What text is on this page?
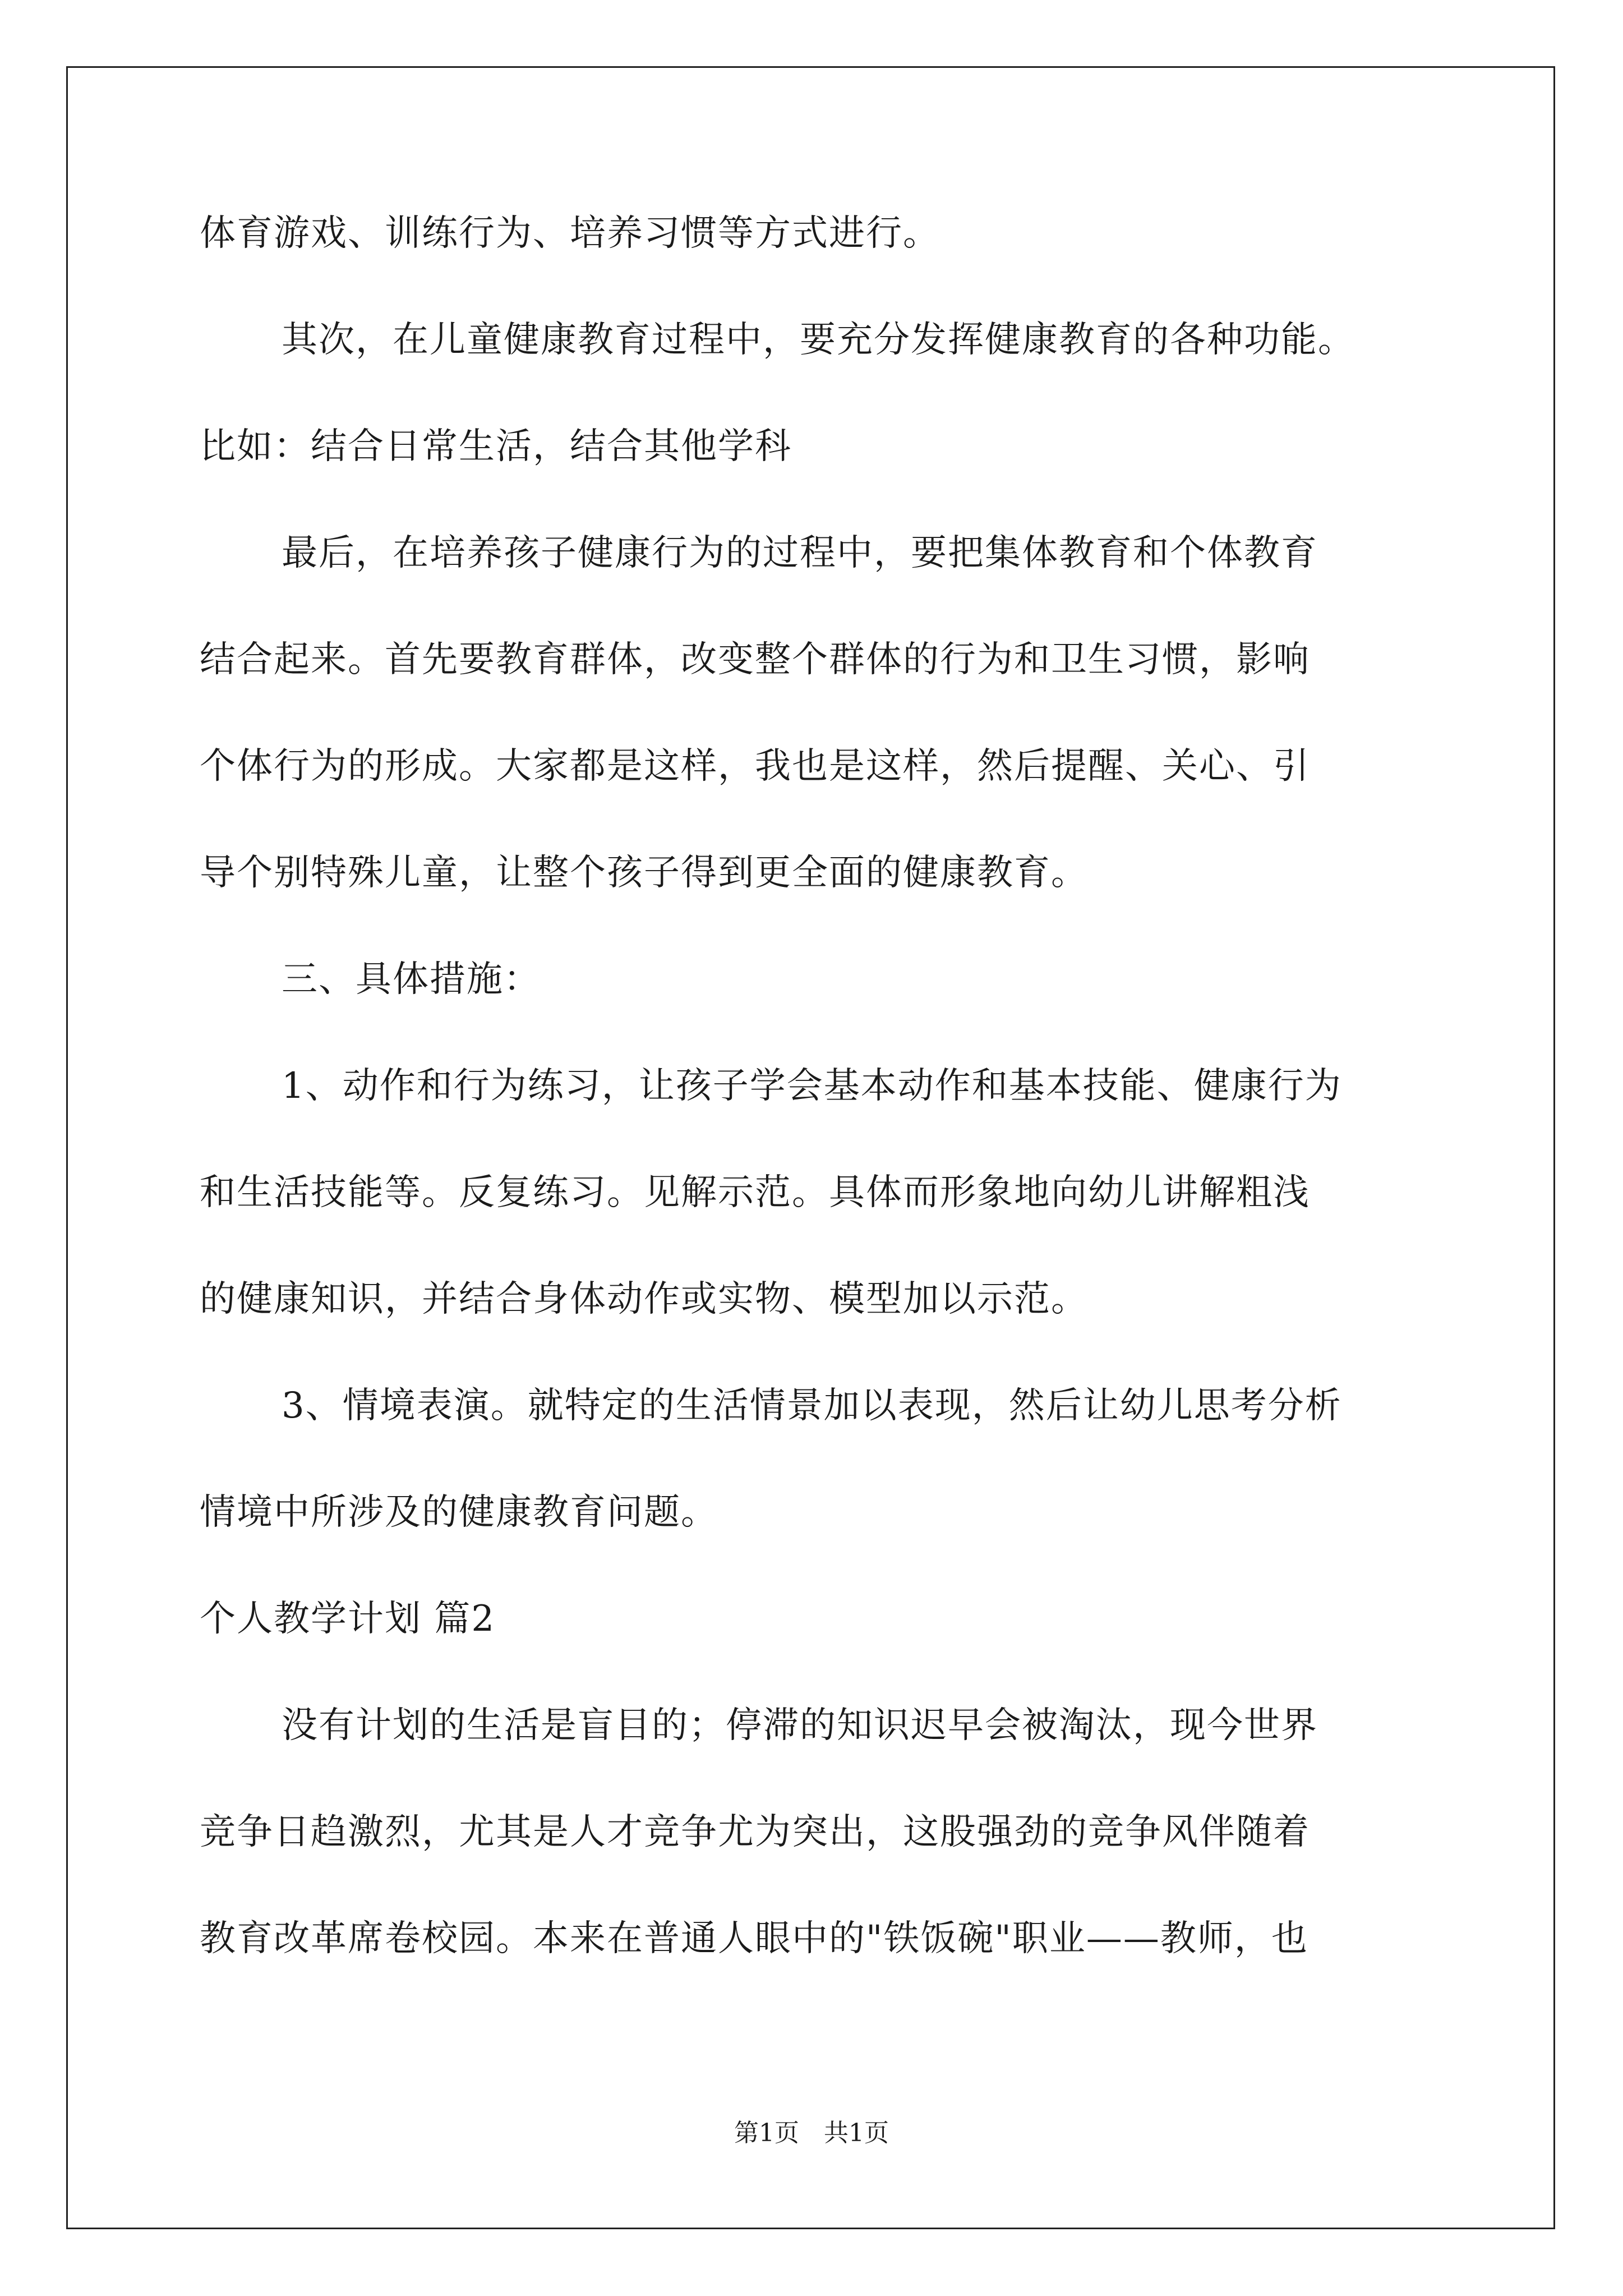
体育游戏、训练行为、培养习惯等方式进行。
其次，在儿童健康教育过程中，要充分发挥健康教育的各种功能。
比如：结合日常生活，结合其他学科
最后，在培养孩子健康行为的过程中，要把集体教育和个体教育
结合起来。首先要教育群体，改变整个群体的行为和卫生习惯，影响
个体行为的形成。大家都是这样，我也是这样，然后提醒、关心、引
导个别特殊儿童，让整个孩子得到更全面的健康教育。
三、具体措施：
1、动作和行为练习，让孩子学会基本动作和基本技能、健康行为
和生活技能等。反复练习。见解示范。具体而形象地向幼儿讲解粗浅
的健康知识，并结合身体动作或实物、模型加以示范。
3、情境表演。就特定的生活情景加以表现，然后让幼儿思考分析
情境中所涉及的健康教育问题。
个人教学计划 篇2
没有计划的生活是盲目的；停滞的知识迟早会被淘汰，现今世界
竞争日趋激烈，尤其是人才竞争尤为突出，这股强劲的竞争风伴随着
教育改革席卷校园。本来在普通人眼中的"铁饭碗"职业——教师，也
第1页　共1页
